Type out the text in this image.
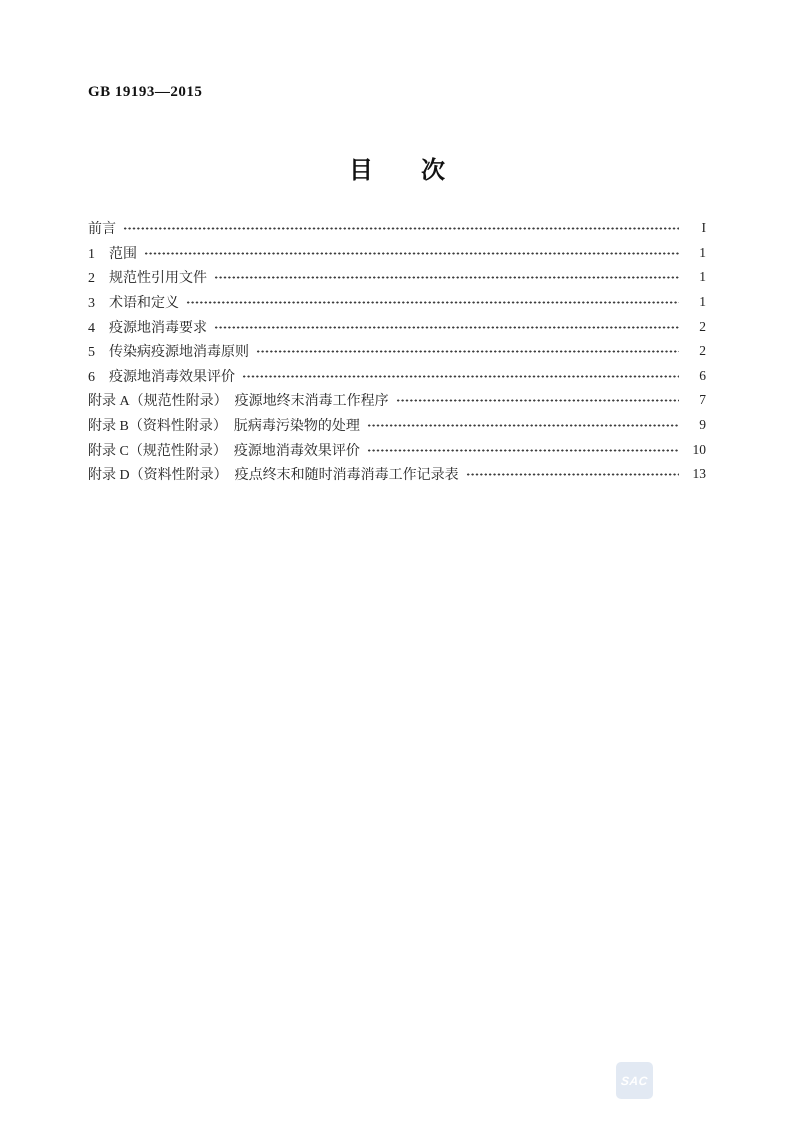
GB 19193—2015
目　　次
前言	I
1　范围	1
2　规范性引用文件	1
3　术语和定义	1
4　疫源地消毒要求	2
5　传染病疫源地消毒原则	2
6　疫源地消毒效果评价	6
附录 A（规范性附录）　疫源地终末消毒工作程序	7
附录 B（资料性附录）　朊病毒污染物的处理	9
附录 C（规范性附录）　疫源地消毒效果评价	10
附录 D（资料性附录）　疫点终末和随时消毒消毒工作记录表	13
SAC
